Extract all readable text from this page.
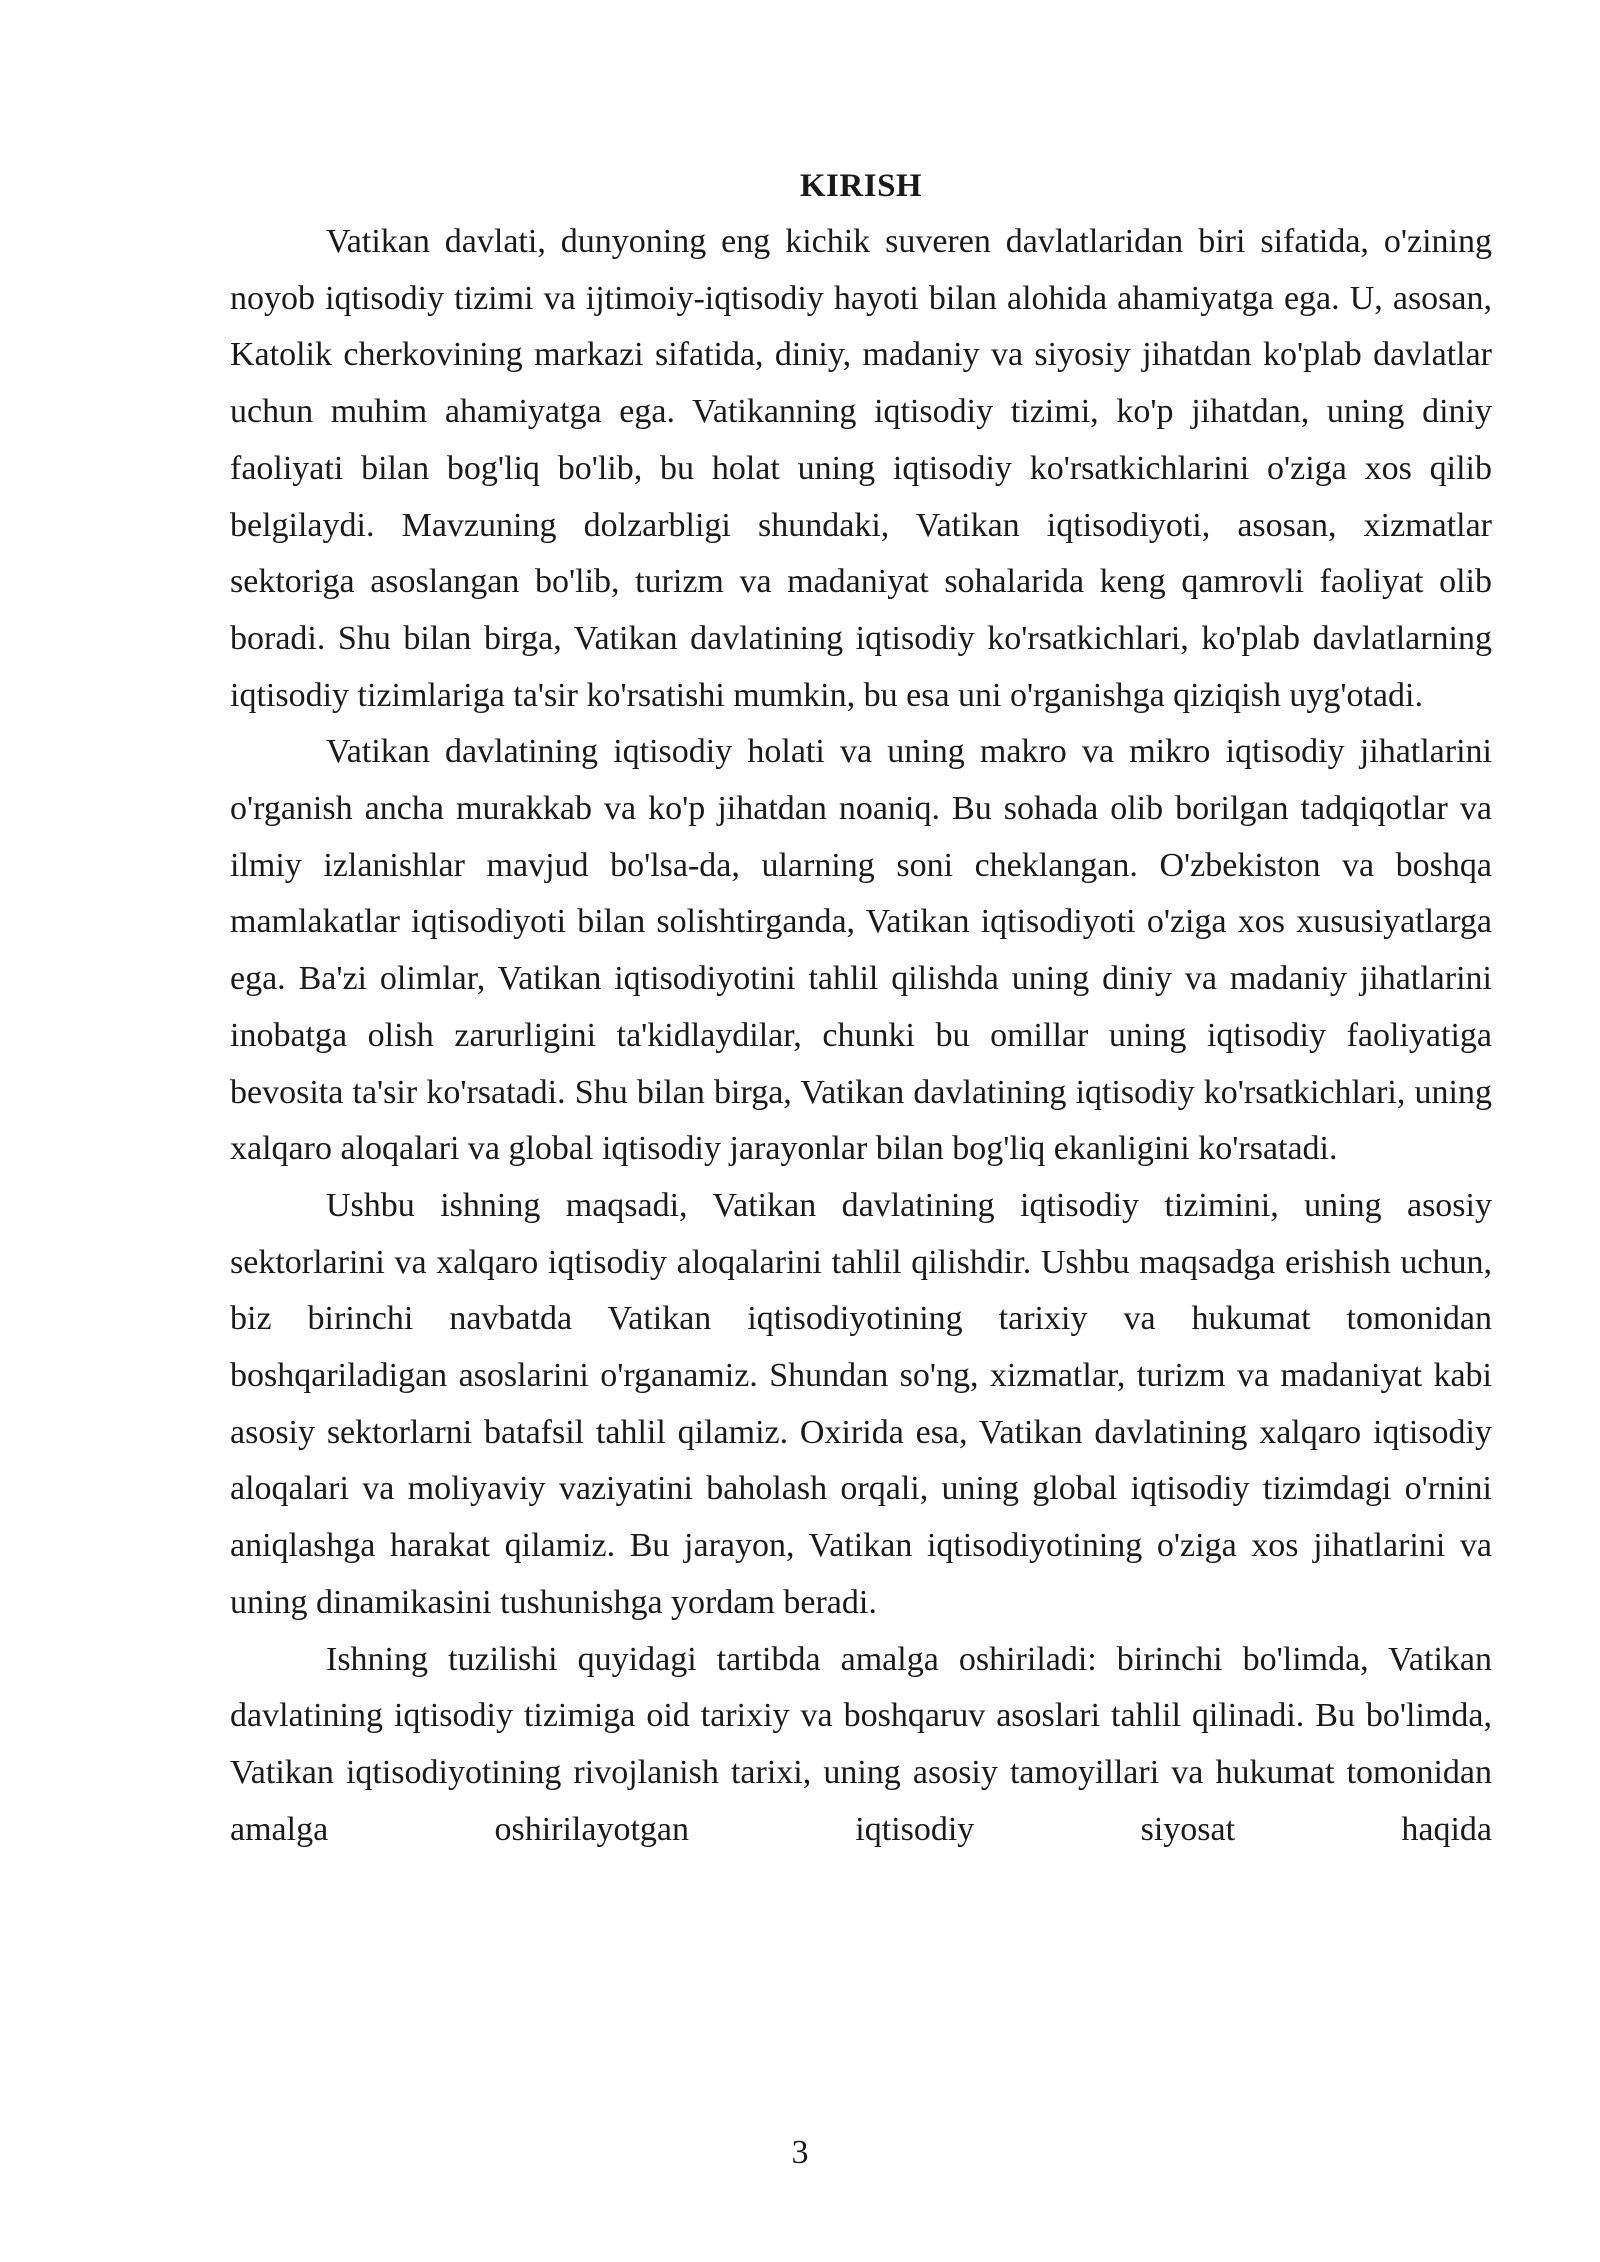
KIRISH

Vatikan davlati, dunyoning eng kichik suveren davlatlaridan biri sifatida, o'zining noyob iqtisodiy tizimi va ijtimoiy-iqtisodiy hayoti bilan alohida ahamiyatga ega. U, asosan, Katolik cherkovining markazi sifatida, diniy, madaniy va siyosiy jihatdan ko'plab davlatlar uchun muhim ahamiyatga ega. Vatikanning iqtisodiy tizimi, ko'p jihatdan, uning diniy faoliyati bilan bog'liq bo'lib, bu holat uning iqtisodiy ko'rsatkichlarini o'ziga xos qilib belgilaydi. Mavzuning dolzarbligi shundaki, Vatikan iqtisodiyoti, asosan, xizmatlar sektoriga asoslangan bo'lib, turizm va madaniyat sohalarida keng qamrovli faoliyat olib boradi. Shu bilan birga, Vatikan davlatining iqtisodiy ko'rsatkichlari, ko'plab davlatlarning iqtisodiy tizimlariga ta'sir ko'rsatishi mumkin, bu esa uni o'rganishga qiziqish uyg'otadi.

Vatikan davlatining iqtisodiy holati va uning makro va mikro iqtisodiy jihatlarini o'rganish ancha murakkab va ko'p jihatdan noaniq. Bu sohada olib borilgan tadqiqotlar va ilmiy izlanishlar mavjud bo'lsa-da, ularning soni cheklangan. O'zbekiston va boshqa mamlakatlar iqtisodiyoti bilan solishtirganda, Vatikan iqtisodiyoti o'ziga xos xususiyatlarga ega. Ba'zi olimlar, Vatikan iqtisodiyotini tahlil qilishda uning diniy va madaniy jihatlarini inobatga olish zarurligini ta'kidlaydilar, chunki bu omillar uning iqtisodiy faoliyatiga bevosita ta'sir ko'rsatadi. Shu bilan birga, Vatikan davlatining iqtisodiy ko'rsatkichlari, uning xalqaro aloqalari va global iqtisodiy jarayonlar bilan bog'liq ekanligini ko'rsatadi.

Ushbu ishning maqsadi, Vatikan davlatining iqtisodiy tizimini, uning asosiy sektorlarini va xalqaro iqtisodiy aloqalarini tahlil qilishdir. Ushbu maqsadga erishish uchun, biz birinchi navbatda Vatikan iqtisodiyotining tarixiy va hukumat tomonidan boshqariladigan asoslarini o'rganamiz. Shundan so'ng, xizmatlar, turizm va madaniyat kabi asosiy sektorlarni batafsil tahlil qilamiz. Oxirida esa, Vatikan davlatining xalqaro iqtisodiy aloqalari va moliyaviy vaziyatini baholash orqali, uning global iqtisodiy tizimdagi o'rnini aniqlashga harakat qilamiz. Bu jarayon, Vatikan iqtisodiyotining o'ziga xos jihatlarini va uning dinamikasini tushunishga yordam beradi.

Ishning tuzilishi quyidagi tartibda amalga oshiriladi: birinchi bo'limda, Vatikan davlatining iqtisodiy tizimiga oid tarixiy va boshqaruv asoslari tahlil qilinadi. Bu bo'limda, Vatikan iqtisodiyotining rivojlanish tarixi, uning asosiy tamoyillari va hukumat tomonidan amalga oshirilayotgan iqtisodiy siyosat haqida

3
